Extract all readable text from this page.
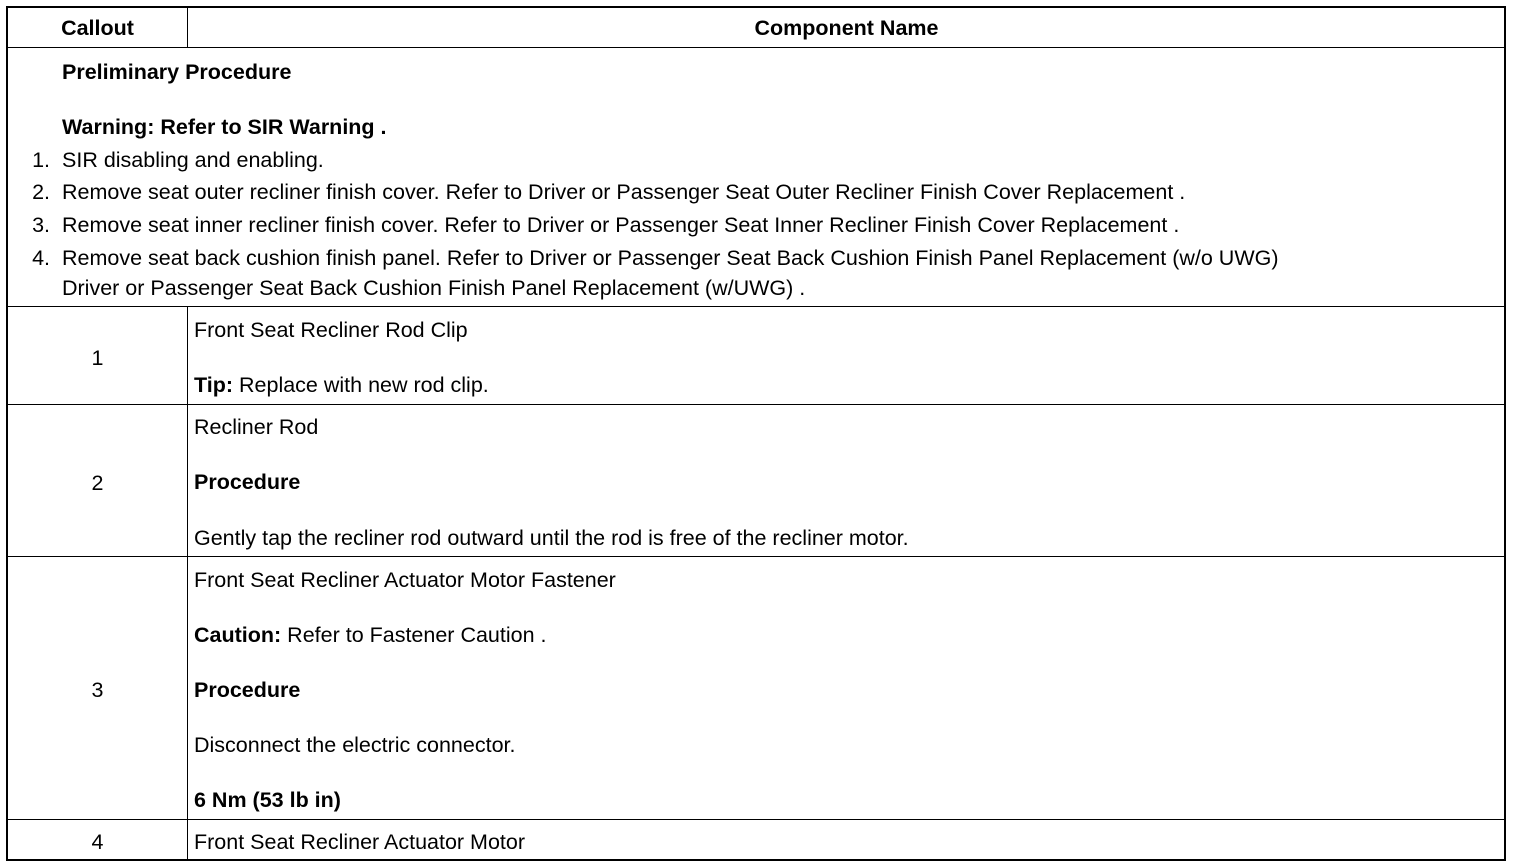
Callout	Component Name
Preliminary Procedure
Warning: Refer to SIR Warning .
1. SIR disabling and enabling.
2. Remove seat outer recliner finish cover. Refer to Driver or Passenger Seat Outer Recliner Finish Cover Replacement .
3. Remove seat inner recliner finish cover. Refer to Driver or Passenger Seat Inner Recliner Finish Cover Replacement .
4. Remove seat back cushion finish panel. Refer to Driver or Passenger Seat Back Cushion Finish Panel Replacement (w/o UWG)
Driver or Passenger Seat Back Cushion Finish Panel Replacement (w/UWG) .
1
Front Seat Recliner Rod Clip
Tip: Replace with new rod clip.
2
Recliner Rod
Procedure
Gently tap the recliner rod outward until the rod is free of the recliner motor.
3
Front Seat Recliner Actuator Motor Fastener
Caution: Refer to Fastener Caution .
Procedure
Disconnect the electric connector.
6 Nm (53 lb in)
4	Front Seat Recliner Actuator Motor
